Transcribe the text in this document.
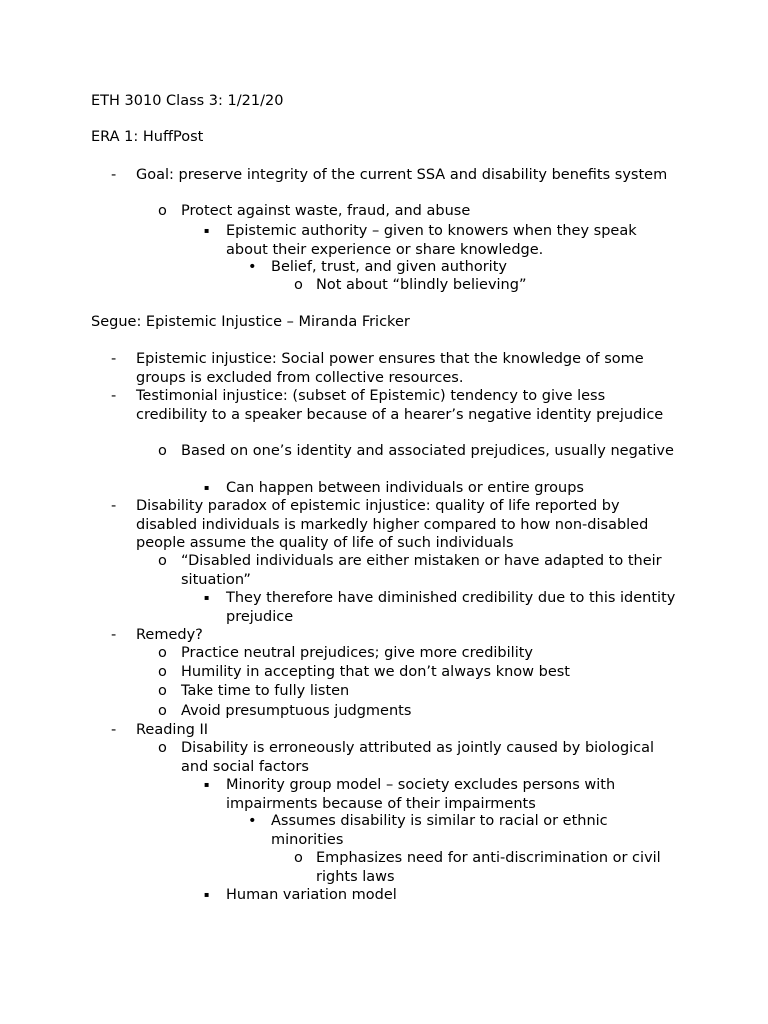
ETH 3010 Class 3: 1/21/20
ERA 1: HuffPost
- Goal: preserve integrity of the current SSA and disability benefits system
o Protect against waste, fraud, and abuse
▪ Epistemic authority – given to knowers when they speak about their experience or share knowledge.
• Belief, trust, and given authority
o Not about “blindly believing”
Segue: Epistemic Injustice – Miranda Fricker
- Epistemic injustice: Social power ensures that the knowledge of some groups is excluded from collective resources.
- Testimonial injustice: (subset of Epistemic) tendency to give less credibility to a speaker because of a hearer’s negative identity prejudice
o Based on one’s identity and associated prejudices, usually negative
▪ Can happen between individuals or entire groups
- Disability paradox of epistemic injustice: quality of life reported by disabled individuals is markedly higher compared to how non-disabled people assume the quality of life of such individuals
o “Disabled individuals are either mistaken or have adapted to their situation”
▪ They therefore have diminished credibility due to this identity prejudice
- Remedy?
o Practice neutral prejudices; give more credibility
o Humility in accepting that we don’t always know best
o Take time to fully listen
o Avoid presumptuous judgments
- Reading II
o Disability is erroneously attributed as jointly caused by biological and social factors
▪ Minority group model – society excludes persons with impairments because of their impairments
• Assumes disability is similar to racial or ethnic minorities
o Emphasizes need for anti-discrimination or civil rights laws
▪ Human variation model
